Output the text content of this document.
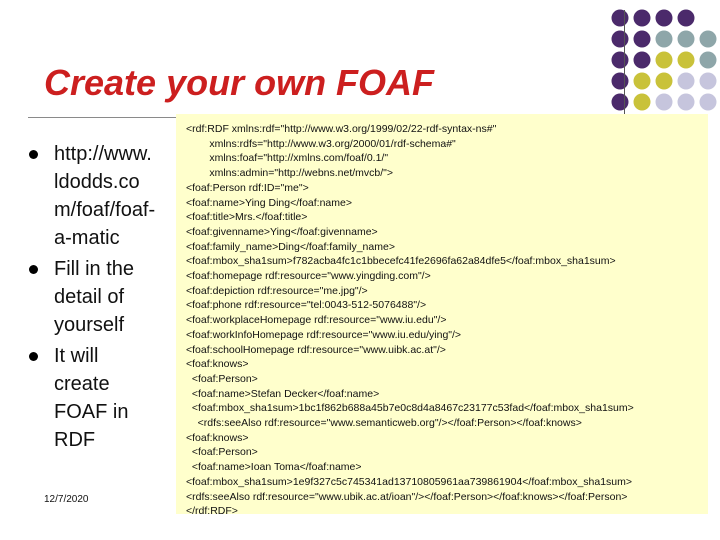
Create your own FOAF
http://www.
ldodds.co
m/foaf/foaf-
a-matic
Fill in the
detail of
yourself
It will
create
FOAF in
RDF
12/7/2020
<rdf:RDF xmlns:rdf="http://www.w3.org/1999/02/22-rdf-syntax-ns#"
xmlns:rdfs="http://www.w3.org/2000/01/rdf-schema#"
xmlns:foaf="http://xmlns.com/foaf/0.1/"
xmlns:admin="http://webns.net/mvcb/">
<foaf:Person rdf:ID="me">
<foaf:name>Ying Ding</foaf:name>
<foaf:title>Mrs.</foaf:title>
<foaf:givenname>Ying</foaf:givenname>
<foaf:family_name>Ding</foaf:family_name>
<foaf:mbox_sha1sum>f782acba4fc1c1bbecefc41fe2696fa62a84dfe5</foaf:mbox_sha1sum>
<foaf:homepage rdf:resource="www.yingding.com"/>
<foaf:depiction rdf:resource="me.jpg"/>
<foaf:phone rdf:resource="tel:0043-512-5076488"/>
<foaf:workplaceHomepage rdf:resource="www.iu.edu"/>
<foaf:workInfoHomepage rdf:resource="www.iu.edu/ying"/>
<foaf:schoolHomepage rdf:resource="www.uibk.ac.at"/>
<foaf:knows>
<foaf:Person>
<foaf:name>Stefan Decker</foaf:name>
<foaf:mbox_sha1sum>1bc1f862b688a45b7e0c8d4a8467c23177c53fad</foaf:mbox_sha1sum>
<rdfs:seeAlso rdf:resource="www.semanticweb.org"/></foaf:Person></foaf:knows>
<foaf:knows>
<foaf:Person>
<foaf:name>Ioan Toma</foaf:name>
<foaf:mbox_sha1sum>1e9f327c5c745341ad13710805961aa739861904</foaf:mbox_sha1sum>
<rdfs:seeAlso rdf:resource="www.ubik.ac.at/ioan"/></foaf:Person></foaf:knows></foaf:Person>
</rdf:RDF>
